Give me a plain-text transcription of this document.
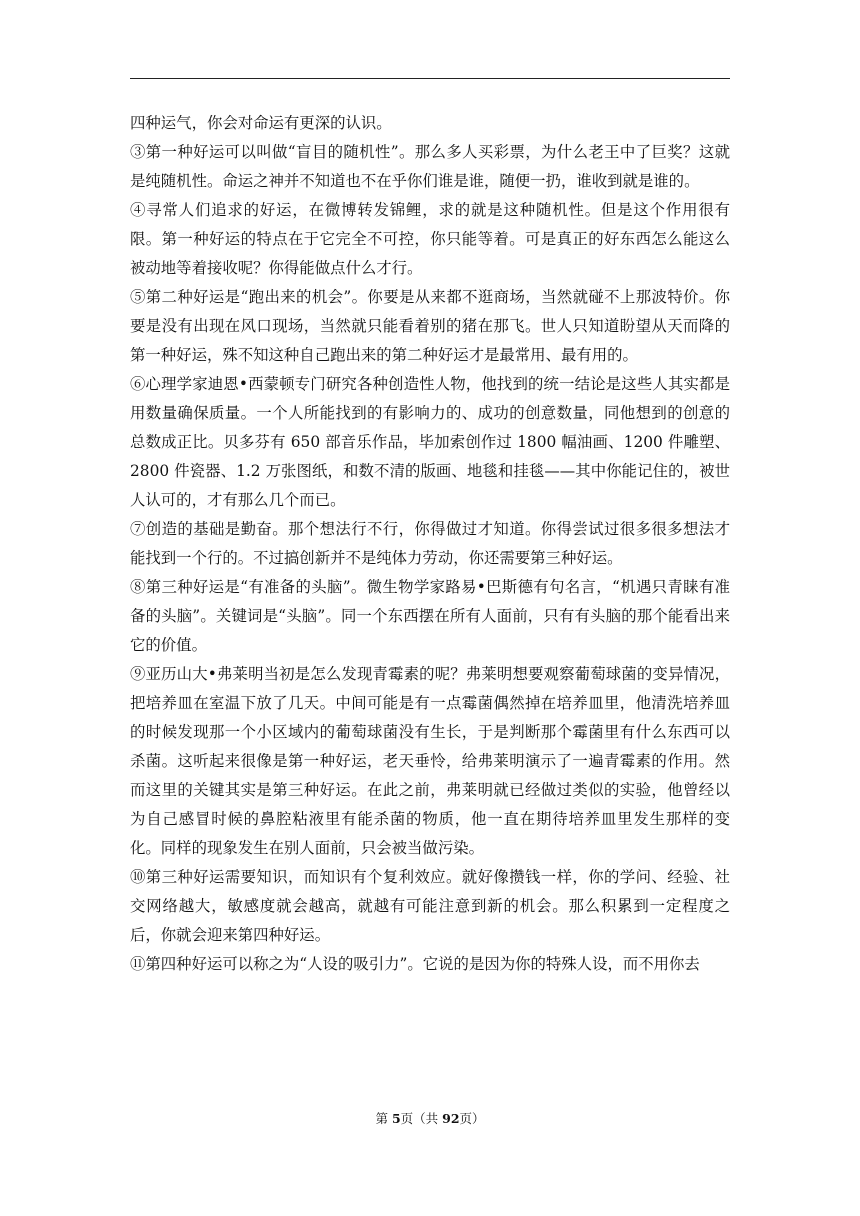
四种运气，你会对命运有更深的认识。

③第一种好运可以叫做“盲目的随机性”。那么多人买彩票，为什么老王中了巨奖？这就是纯随机性。命运之神并不知道也不在乎你们谁是谁，随便一扔，谁收到就是谁的。

④寻常人们追求的好运，在微博转发锦鲤，求的就是这种随机性。但是这个作用很有限。第一种好运的特点在于它完全不可控，你只能等着。可是真正的好东西怎么能这么被动地等着接收呢？你得能做点什么才行。

⑤第二种好运是“跑出来的机会”。你要是从来都不逛商场，当然就碰不上那波特价。你要是没有出现在风口现场，当然就只能看着别的猪在那飞。世人只知道盼望从天而降的第一种好运，殊不知这种自己跑出来的第二种好运才是最常用、最有用的。

⑥心理学家迪恩•西蒙顿专门研究各种创造性人物，他找到的统一结论是这些人其实都是用数量确保质量。一个人所能找到的有影响力的、成功的创意数量，同他想到的创意的总数成正比。贝多芬有 650 部音乐作品，毕加索创作过 1800 幅油画、1200 件雕塑、2800 件瓷器、1.2 万张图纸，和数不清的版画、地毯和挂毯——其中你能记住的，被世人认可的，才有那么几个而已。

⑦创造的基础是勤奋。那个想法行不行，你得做过才知道。你得尝试过很多很多想法才能找到一个行的。不过搞创新并不是纯体力劳动，你还需要第三种好运。

⑧第三种好运是“有准备的头脑”。微生物学家路易•巴斯德有句名言，“机遇只青睐有准备的头脑”。关键词是“头脑”。同一个东西摆在所有人面前，只有有头脑的那个能看出来它的价值。

⑨亚历山大•弗莱明当初是怎么发现青霉素的呢？弗莱明想要观察葡萄球菌的变异情况，把培养皿在室温下放了几天。中间可能是有一点霉菌偶然掉在培养皿里，他清洗培养皿的时候发现那一个小区域内的葡萄球菌没有生长，于是判断那个霉菌里有什么东西可以杀菌。这听起来很像是第一种好运，老天垂怜，给弗莱明演示了一遍青霉素的作用。然而这里的关键其实是第三种好运。在此之前，弗莱明就已经做过类似的实验，他曾经以为自己感冒时候的鼻腔粘液里有能杀菌的物质，他一直在期待培养皿里发生那样的变化。同样的现象发生在别人面前，只会被当做污染。

⑩第三种好运需要知识，而知识有个复利效应。就好像攒钱一样，你的学问、经验、社交网络越大，敏感度就会越高，就越有可能注意到新的机会。那么积累到一定程度之后，你就会迎来第四种好运。

⑪第四种好运可以称之为“人设的吸引力”。它说的是因为你的特殊人设，而不用你去

第 5页（共 92页）
